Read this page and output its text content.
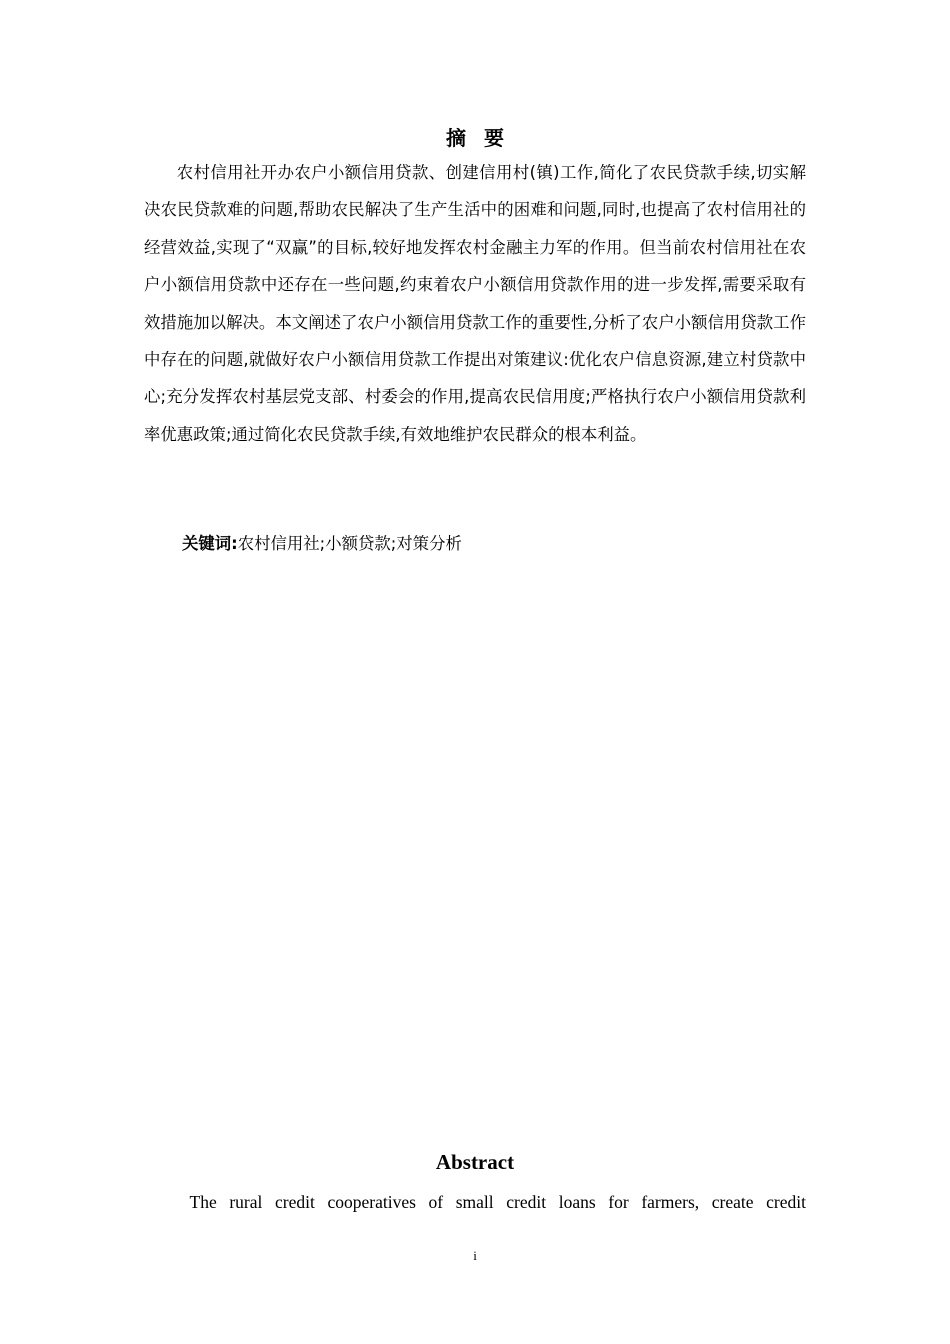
摘要

农村信用社开办农户小额信用贷款、创建信用村(镇)工作,简化了农民贷款手续,切实解决农民贷款难的问题,帮助农民解决了生产生活中的困难和问题,同时,也提高了农村信用社的经营效益,实现了“双赢”的目标,较好地发挥农村金融主力军的作用。但当前农村信用社在农户小额信用贷款中还存在一些问题,约束着农户小额信用贷款作用的进一步发挥,需要采取有效措施加以解决。本文阐述了农户小额信用贷款工作的重要性,分析了农户小额信用贷款工作中存在的问题,就做好农户小额信用贷款工作提出对策建议:优化农户信息资源,建立村贷款中心;充分发挥农村基层党支部、村委会的作用,提高农民信用度;严格执行农户小额信用贷款利率优惠政策;通过简化农民贷款手续,有效地维护农民群众的根本利益。

关键词:农村信用社;小额贷款;对策分析
Abstract

The rural credit cooperatives of small credit loans for farmers, create credit

i
